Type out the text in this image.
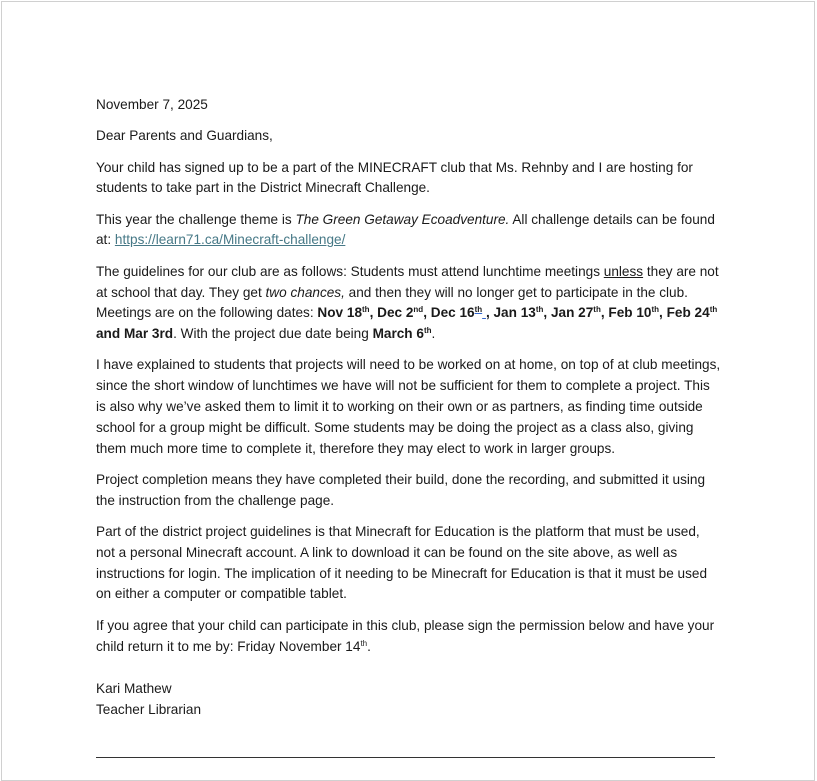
November 7, 2025

Dear Parents and Guardians,

Your child has signed up to be a part of the MINECRAFT club that Ms. Rehnby and I are hosting for students to take part in the District Minecraft Challenge.

This year the challenge theme is The Green Getaway Ecoadventure. All challenge details can be found at: https://learn71.ca/Minecraft-challenge/

The guidelines for our club are as follows: Students must attend lunchtime meetings unless they are not at school that day. They get two chances, and then they will no longer get to participate in the club. Meetings are on the following dates: Nov 18th, Dec 2nd, Dec 16th , Jan 13th, Jan 27th, Feb 10th, Feb 24th and Mar 3rd. With the project due date being March 6th.

I have explained to students that projects will need to be worked on at home, on top of at club meetings, since the short window of lunchtimes we have will not be sufficient for them to complete a project. This is also why we’ve asked them to limit it to working on their own or as partners, as finding time outside school for a group might be difficult. Some students may be doing the project as a class also, giving them much more time to complete it, therefore they may elect to work in larger groups.

Project completion means they have completed their build, done the recording, and submitted it using the instruction from the challenge page.

Part of the district project guidelines is that Minecraft for Education is the platform that must be used, not a personal Minecraft account. A link to download it can be found on the site above, as well as instructions for login. The implication of it needing to be Minecraft for Education is that it must be used on either a computer or compatible tablet.

If you agree that your child can participate in this club, please sign the permission below and have your child return it to me by: Friday November 14th.

Kari Mathew

Teacher Librarian
